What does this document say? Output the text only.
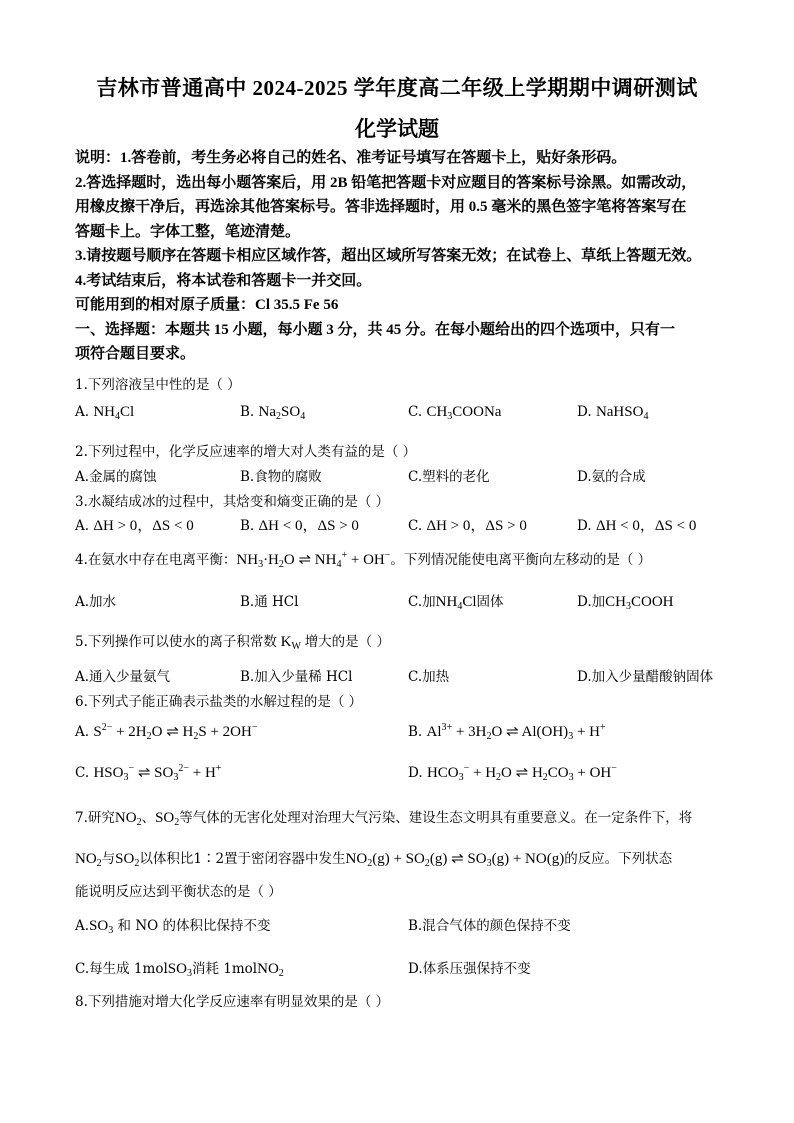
吉林市普通高中 2024-2025 学年度高二年级上学期期中调研测试
化学试题
说明：1.答卷前，考生务必将自己的姓名、准考证号填写在答题卡上，贴好条形码。
2.答选择题时，选出每小题答案后，用 2B 铅笔把答题卡对应题目的答案标号涂黑。如需改动，
用橡皮擦干净后，再选涂其他答案标号。答非选择题时，用 0.5 毫米的黑色签字笔将答案写在
答题卡上。字体工整，笔迹清楚。
3.请按题号顺序在答题卡相应区域作答，超出区域所写答案无效；在试卷上、草纸上答题无效。
4.考试结束后，将本试卷和答题卡一并交回。
可能用到的相对原子质量：Cl 35.5 Fe 56
一、选择题：本题共 15 小题，每小题 3 分，共 45 分。在每小题给出的四个选项中，只有一
项符合题目要求。
1.下列溶液呈中性的是（ ）
A. $NH_4Cl$	B. $Na_2SO_4$	C. $CH_3COONa$	D. NaHSO$_4$
2.下列过程中，化学反应速率的增大对人类有益的是（ ）
A.金属的腐蚀	B.食物的腐败	C.塑料的老化	D.氨的合成
3.水凝结成冰的过程中，其焓变和熵变正确的是（ ）
A. ΔH > 0，ΔS < 0	B. ΔH < 0，ΔS > 0	C. ΔH > 0，ΔS > 0	D. ΔH < 0，ΔS < 0
4.在氨水中存在电离平衡：$NH_3\cdot H_2O$ ⇌ $NH_4^+ + OH^-$。下列情况能使电离平衡向左移动的是（ ）
A.加水	B.通 HCl	C.加$NH_4Cl$固体	D.加$CH_3COOH$
5.下列操作可以使水的离子积常数 $K_W$ 增大的是（ ）
A.通入少量氨气	B.加入少量稀 HCl	C.加热	D.加入少量醋酸钠固体
6.下列式子能正确表示盐类的水解过程的是（ ）
A. $S^{2-} + 2H_2O$ ⇌ $H_2S + 2OH^-$	B. $Al^{3+} + 3H_2O$ ⇌ $Al(OH)_3 + H^+$
C. $HSO_3^-$ ⇌ $SO_3^{2-} + H^+$	D. $HCO_3^- + H_2O$ ⇌ $H_2CO_3 + OH^-$
7.研究$NO_2$、$SO_2$等气体的无害化处理对治理大气污染、建设生态文明具有重要意义。在一定条件下，将
$NO_2$与$SO_2$以体积比1∶2置于密闭容器中发生$NO_2(g) + SO_2(g)$ ⇌ $SO_3(g) + NO(g)$的反应。下列状态
能说明反应达到平衡状态的是（ ）
$A.SO_3$ 和 NO 的体积比保持不变	B.混合气体的颜色保持不变
C.每生成 1molSO$_3$消耗 1molNO$_2$	D.体系压强保持不变
8.下列措施对增大化学反应速率有明显效果的是（ ）
